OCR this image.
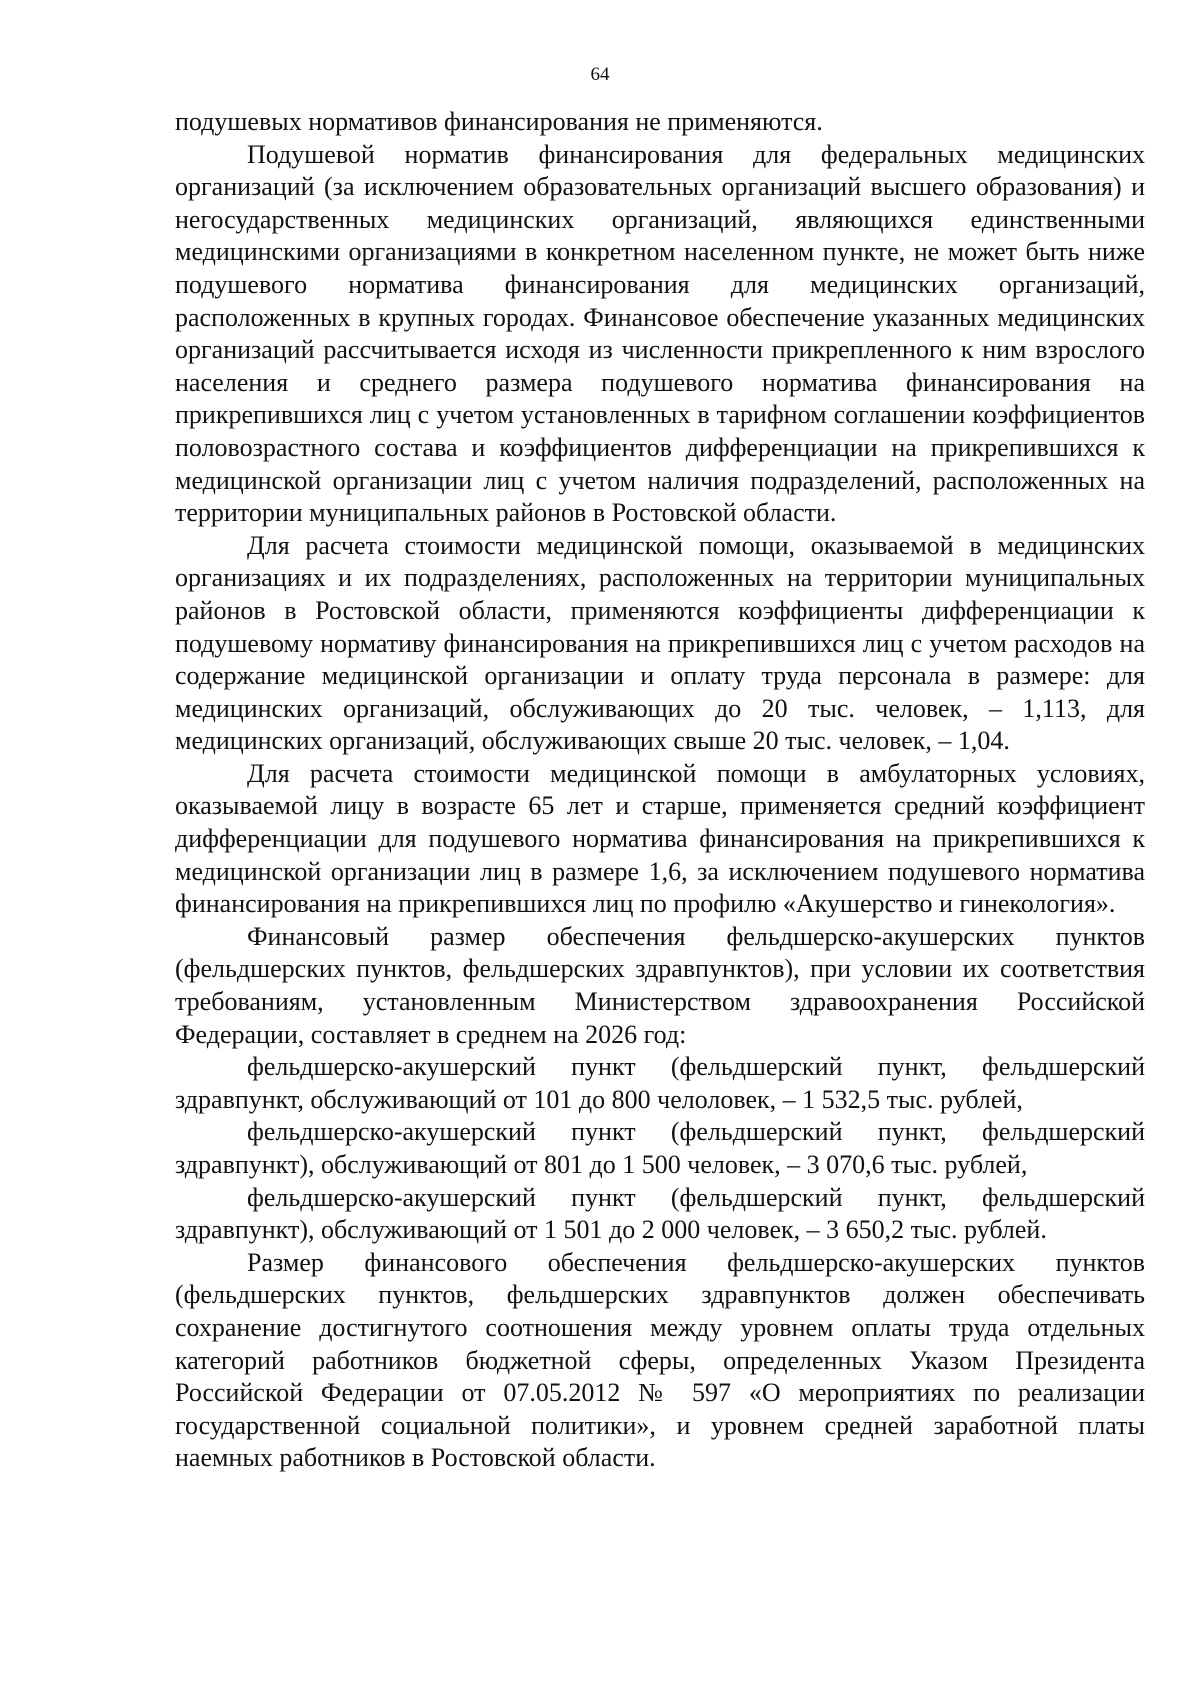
64

подушевых нормативов финансирования не применяются.

Подушевой норматив финансирования для федеральных медицинских организаций (за исключением образовательных организаций высшего образования) и негосударственных медицинских организаций, являющихся единственными медицинскими организациями в конкретном населенном пункте, не может быть ниже подушевого норматива финансирования для медицинских организаций, расположенных в крупных городах. Финансовое обеспечение указанных медицинских организаций рассчитывается исходя из численности прикрепленного к ним взрослого населения и среднего размера подушевого норматива финансирования на прикрепившихся лиц с учетом установленных в тарифном соглашении коэффициентов половозрастного состава и коэффициентов дифференциации на прикрепившихся к медицинской организации лиц с учетом наличия подразделений, расположенных на территории муниципальных районов в Ростовской области.

Для расчета стоимости медицинской помощи, оказываемой в медицинских организациях и их подразделениях, расположенных на территории муниципальных районов в Ростовской области, применяются коэффициенты дифференциации к подушевому нормативу финансирования на прикрепившихся лиц с учетом расходов на содержание медицинской организации и оплату труда персонала в размере: для медицинских организаций, обслуживающих до 20 тыс. человек, – 1,113, для медицинских организаций, обслуживающих свыше 20 тыс. человек, – 1,04.

Для расчета стоимости медицинской помощи в амбулаторных условиях, оказываемой лицу в возрасте 65 лет и старше, применяется средний коэффициент дифференциации для подушевого норматива финансирования на прикрепившихся к медицинской организации лиц в размере 1,6, за исключением подушевого норматива финансирования на прикрепившихся лиц по профилю «Акушерство и гинекология».

Финансовый размер обеспечения фельдшерско-акушерских пунктов (фельдшерских пунктов, фельдшерских здравпунктов), при условии их соответствия требованиям, установленным Министерством здравоохранения Российской Федерации, составляет в среднем на 2026 год:

фельдшерско-акушерский пункт (фельдшерский пункт, фельдшерский здравпункт, обслуживающий от 101 до 800 челоловек, – 1 532,5 тыс. рублей,

фельдшерско-акушерский пункт (фельдшерский пункт, фельдшерский здравпункт), обслуживающий от 801 до 1 500 человек, – 3 070,6 тыс. рублей,

фельдшерско-акушерский пункт (фельдшерский пункт, фельдшерский здравпункт), обслуживающий от 1 501 до 2 000 человек, – 3 650,2 тыс. рублей.

Размер финансового обеспечения фельдшерско-акушерских пунктов (фельдшерских пунктов, фельдшерских здравпунктов должен обеспечивать сохранение достигнутого соотношения между уровнем оплаты труда отдельных категорий работников бюджетной сферы, определенных Указом Президента Российской Федерации от 07.05.2012 № 597 «О мероприятиях по реализации государственной социальной политики», и уровнем средней заработной платы наемных работников в Ростовской области.
